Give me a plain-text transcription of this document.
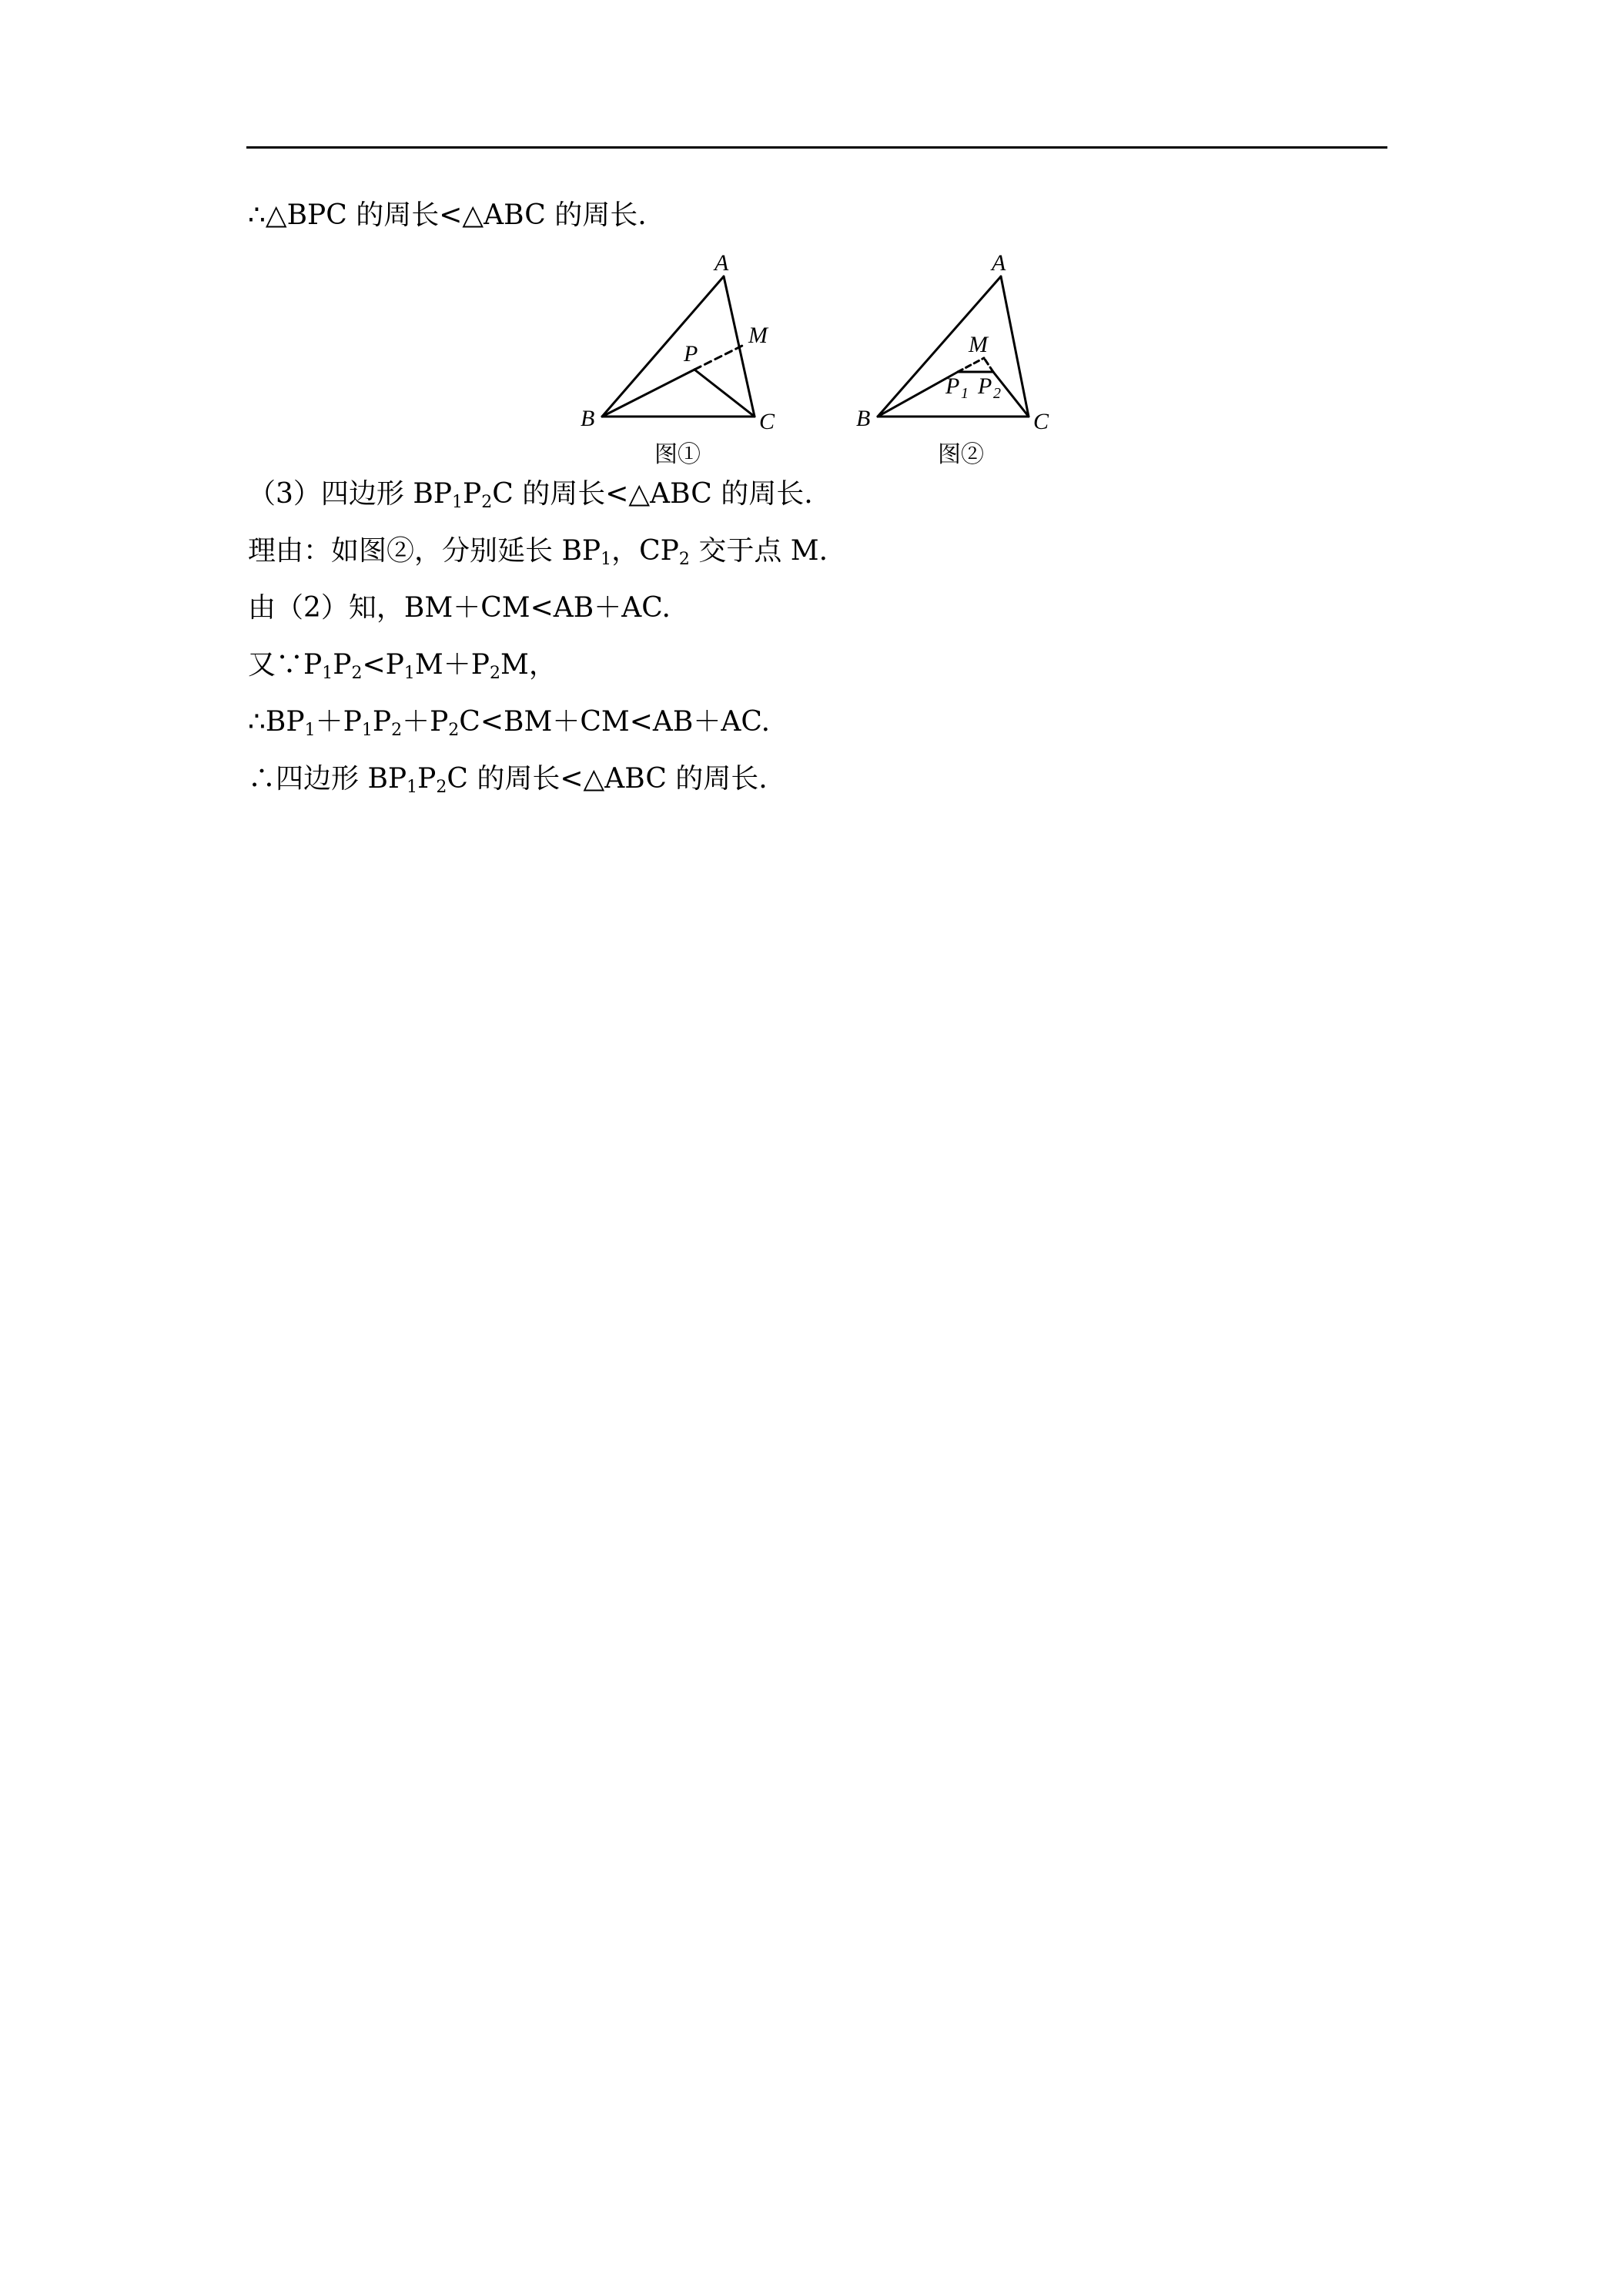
∴△BPC 的周长<△ABC 的周长.
A
B	C
P
M
图①
A
B	C
M
P 1 P 2
图②
（3）四边形 $BP_1P_2C$ 的周长<△ABC 的周长.
理由：如图②，分别延长 $BP_1$，$CP_2$ 交于点 M.
由（2）知，BM＋CM<AB＋AC.
又$\because P_1P_2<P_1M+P_2M$，
$\therefore BP_1+P_1P_2+P_2C<BM+CM<AB+AC$.
∴四边形 $BP_1P_2C$ 的周长<△ABC 的周长.
